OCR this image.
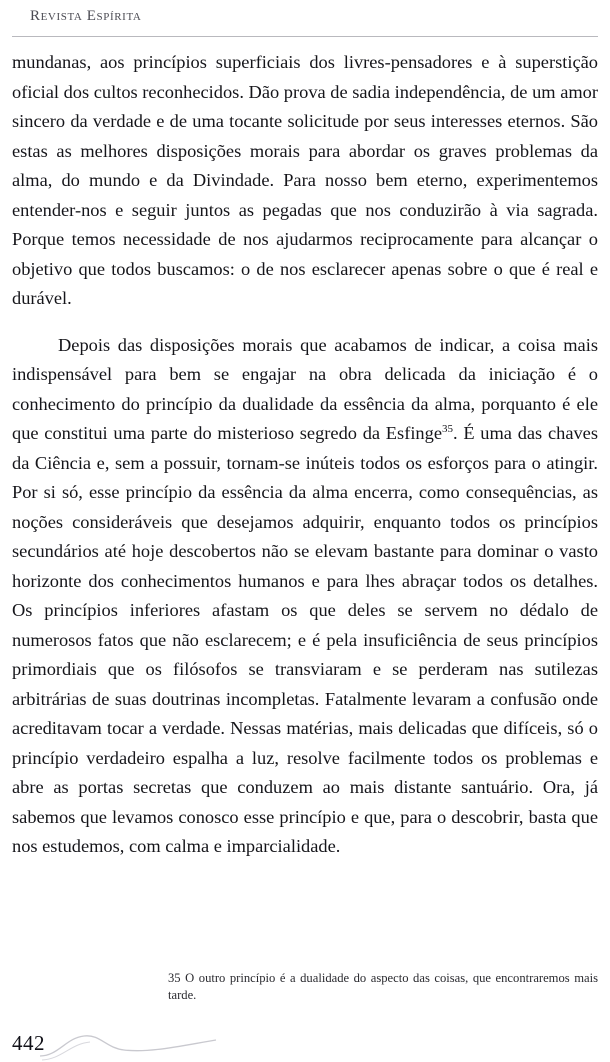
Revista Espírita

mundanas, aos princípios superficiais dos livres-pensadores e à superstição oficial dos cultos reconhecidos. Dão prova de sadia independência, de um amor sincero da verdade e de uma tocante solicitude por seus interesses eternos. São estas as melhores disposições morais para abordar os graves problemas da alma, do mundo e da Divindade. Para nosso bem eterno, experimentemos entender-nos e seguir juntos as pegadas que nos conduzirão à via sagrada. Porque temos necessidade de nos ajudarmos reciprocamente para alcançar o objetivo que todos buscamos: o de nos esclarecer apenas sobre o que é real e durável.

Depois das disposições morais que acabamos de indicar, a coisa mais indispensável para bem se engajar na obra delicada da iniciação é o conhecimento do princípio da dualidade da essência da alma, porquanto é ele que constitui uma parte do misterioso segredo da Esfinge$^{35}$. É uma das chaves da Ciência e, sem a possuir, tornam-se inúteis todos os esforços para o atingir. Por si só, esse princípio da essência da alma encerra, como consequências, as noções consideráveis que desejamos adquirir, enquanto todos os princípios secundários até hoje descobertos não se elevam bastante para dominar o vasto horizonte dos conhecimentos humanos e para lhes abraçar todos os detalhes. Os princípios inferiores afastam os que deles se servem no dédalo de numerosos fatos que não esclarecem; e é pela insuficiência de seus princípios primordiais que os filósofos se transviaram e se perderam nas sutilezas arbitrárias de suas doutrinas incompletas. Fatalmente levaram a confusão onde acreditavam tocar a verdade. Nessas matérias, mais delicadas que difíceis, só o princípio verdadeiro espalha a luz, resolve facilmente todos os problemas e abre as portas secretas que conduzem ao mais distante santuário. Ora, já sabemos que levamos conosco esse princípio e que, para o descobrir, basta que nos estudemos, com calma e imparcialidade.

35 O outro princípio é a dualidade do aspecto das coisas, que encontraremos mais tarde.
442
